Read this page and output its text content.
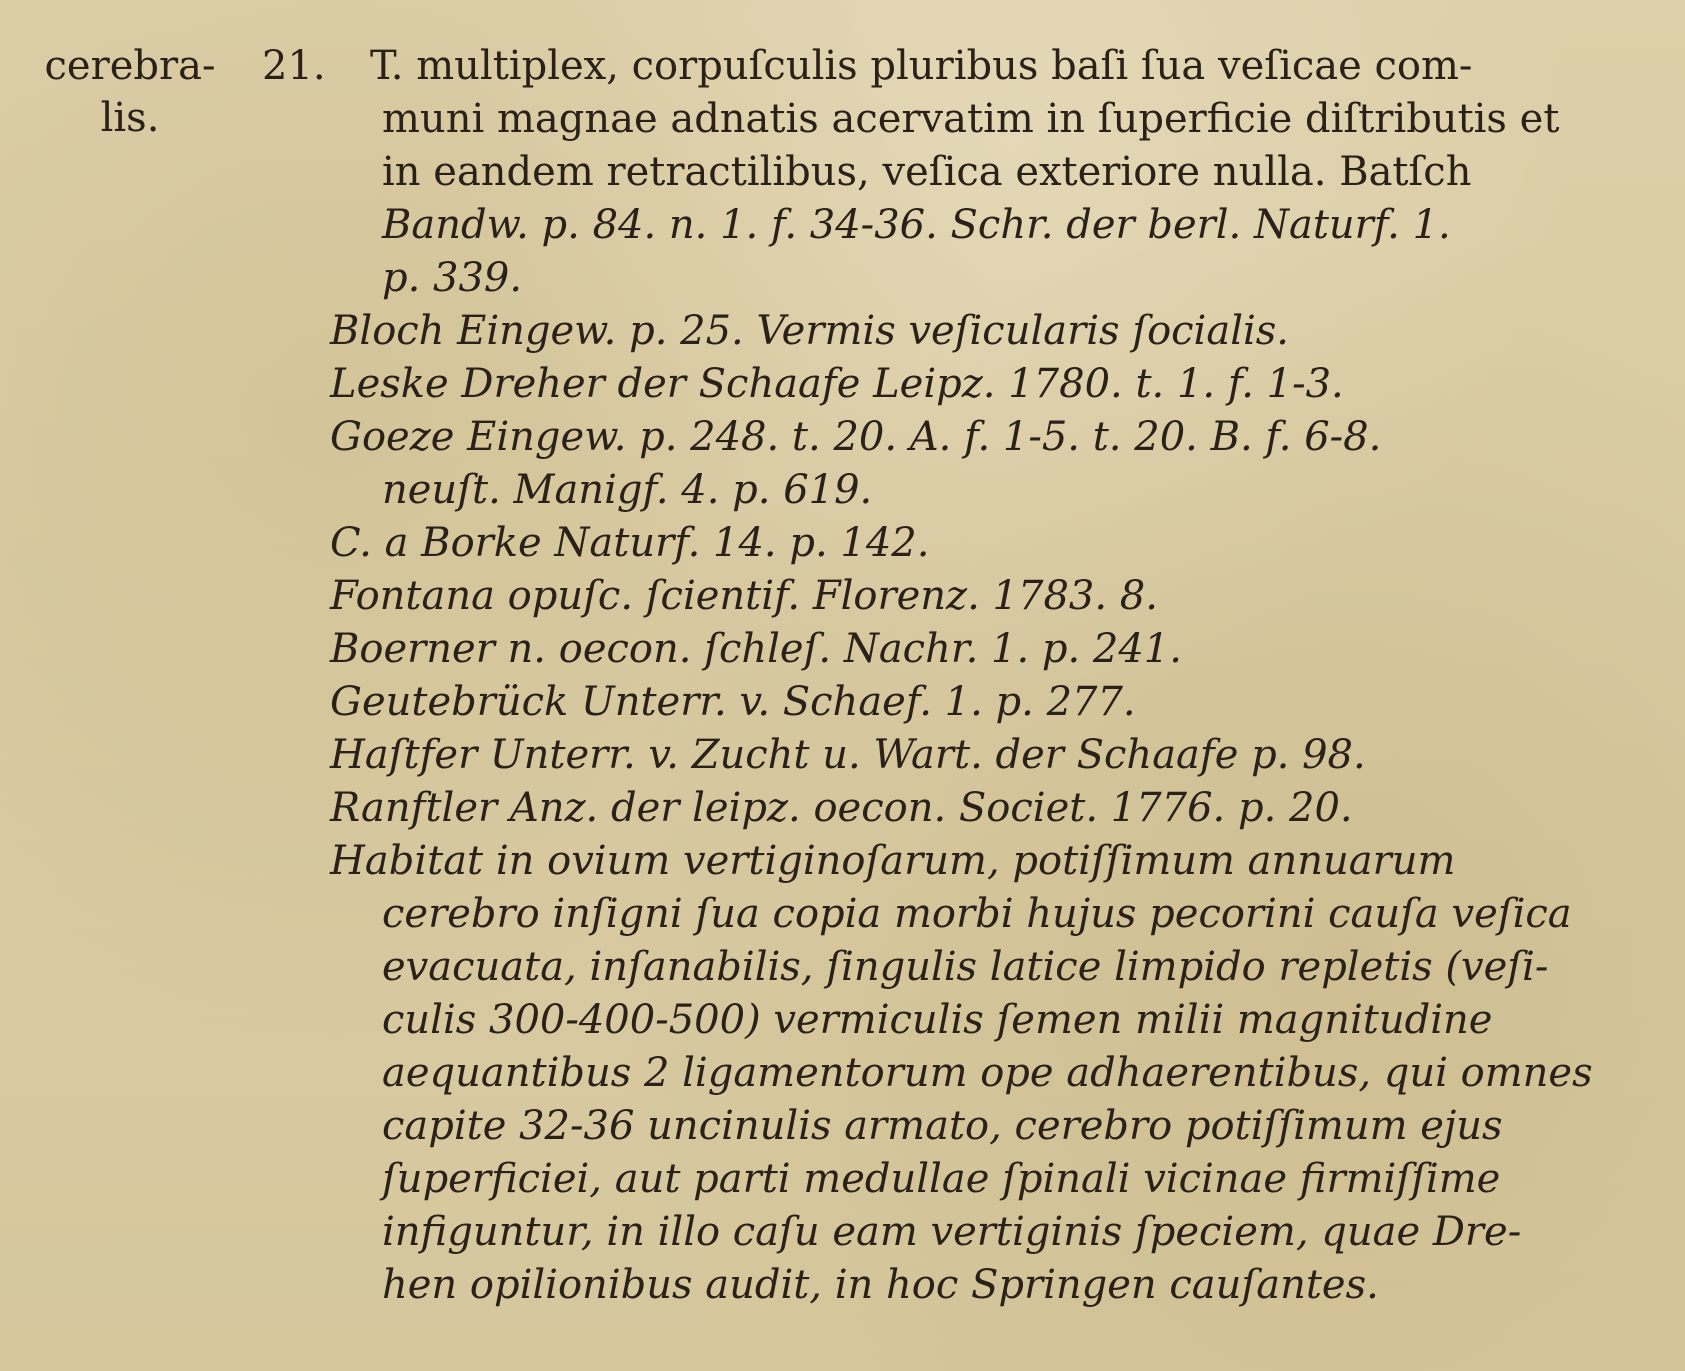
cerebra-
lis.
21.	T. multiplex, corpuſculis pluribus baſi ſua veſicae com-
muni magnae adnatis acervatim in ſuperficie diſtributis et
in eandem retractilibus, veſica exteriore nulla. Batſch
Bandw. p. 84. n. 1. f. 34-36. Schr. der berl. Naturf. 1.
p. 339.
Bloch Eingew. p. 25. Vermis veſicularis ſocialis.
Leske Dreher der Schaafe Leipz. 1780. t. 1. f. 1-3.
Goeze Eingew. p. 248. t. 20. A. f. 1-5. t. 20. B. f. 6-8.
neuſt. Manigf. 4. p. 619.
C. a Borke Naturf. 14. p. 142.
Fontana opuſc. ſcientif. Florenz. 1783. 8.
Boerner n. oecon. ſchleſ. Nachr. 1. p. 241.
Geutebrück Unterr. v. Schaef. 1. p. 277.
Haſtfer Unterr. v. Zucht u. Wart. der Schaafe p. 98.
Ranftler Anz. der leipz. oecon. Societ. 1776. p. 20.
Habitat in ovium vertiginoſarum, potiſſimum annuarum
cerebro inſigni ſua copia morbi hujus pecorini cauſa veſica
evacuata, inſanabilis, ſingulis latice limpido repletis (veſi-
culis 300-400-500) vermiculis ſemen milii magnitudine
aequantibus 2 ligamentorum ope adhaerentibus, qui omnes
capite 32-36 uncinulis armato, cerebro potiſſimum ejus
ſuperficiei, aut parti medullae ſpinali vicinae firmiſſime
infiguntur, in illo caſu eam vertiginis ſpeciem, quae Dre-
hen opilionibus audit, in hoc Springen cauſantes.
